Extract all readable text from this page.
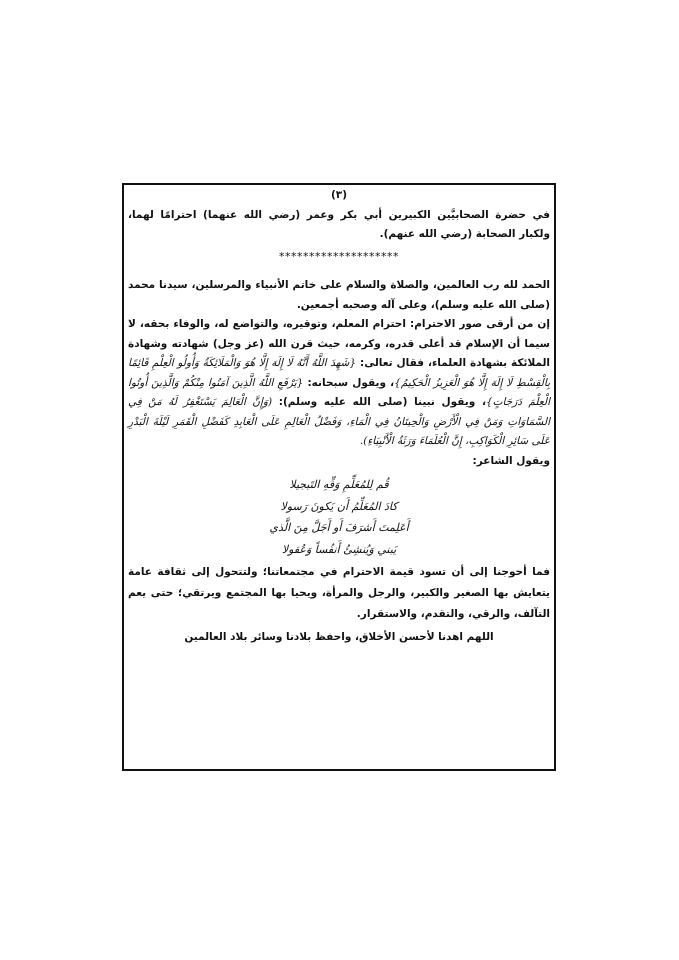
(٣)

في حضرة الصحابيَّين الكبيرين أبي بكر وعمر (رضي الله عنهما) احترامًا لهما، ولكبار الصحابة (رضي الله عنهم).

********************

الحمد لله رب العالمين، والصلاة والسلام على خاتم الأنبياء والمرسلين، سيدنا محمد (صلى الله عليه وسلم)، وعلى آله وصحبه أجمعين.

إن من أرقى صور الاحترام: احترام المعلم، وتوقيره، والتواضع له، والوفاء بحقه، لا سيما أن الإسلام قد أعلى قدره، وكرمه، حيث قرن الله (عز وجل) شهادته وشهادة الملائكة بشهادة العلماء، فقال تعالى: {شَهِدَ اللَّهُ أَنَّهُ لَا إِلَهَ إِلَّا هُوَ وَالْمَلَائِكَةُ وَأُولُو الْعِلْمِ قَائِمًا بِالْقِسْطِ لَا إِلَهَ إِلَّا هُوَ الْعَزِيزُ الْحَكِيمُ}، ويقول سبحانه: {يَرْفَعِ اللَّهُ الَّذِينَ آمَنُوا مِنْكُمْ وَالَّذِينَ أُوتُوا الْعِلْمَ دَرَجَاتٍ}، ويقول نبينا (صلى الله عليه وسلم): (وَإِنَّ الْعَالِمَ يَسْتَغْفِرُ لَهُ مَنْ فِي السَّمَاوَاتِ وَمَنْ فِي الْأَرْضِ وَالْحِيتَانُ فِي الْمَاءِ، وَفَضْلُ الْعَالِمِ عَلَى الْعَابِدِ كَفَضْلِ الْقَمَرِ لَيْلَةَ الْبَدْرِ عَلَى سَائِرِ الْكَوَاكِبِ، إِنَّ الْعُلَمَاءَ وَرَثَةُ الْأَنْبِيَاءِ).

ويقول الشاعر:

قُم لِلمُعَلِّمِ وَفِّهِ التَبجيلا

كادَ المُعَلِّمُ أَن يَكونَ رَسولا

أَعَلِمتَ أَشرَفَ أَو أَجَلَّ مِنَ الَّذي

يَبني وَيُنشِئُ أَنفُساً وَعُقولا

فما أحوجنا إلى أن تسود قيمة الاحترام في مجتمعاتنا؛ ولتتحول إلى ثقافة عامة يتعايش بها الصغير والكبير، والرجل والمرأة، ويحيا بها المجتمع ويرتقي؛ حتى يعم التآلف، والرقي، والتقدم، والاستقرار.

اللهم اهدنا لأحسن الأخلاق، واحفظ بلادنا وسائر بلاد العالمين
